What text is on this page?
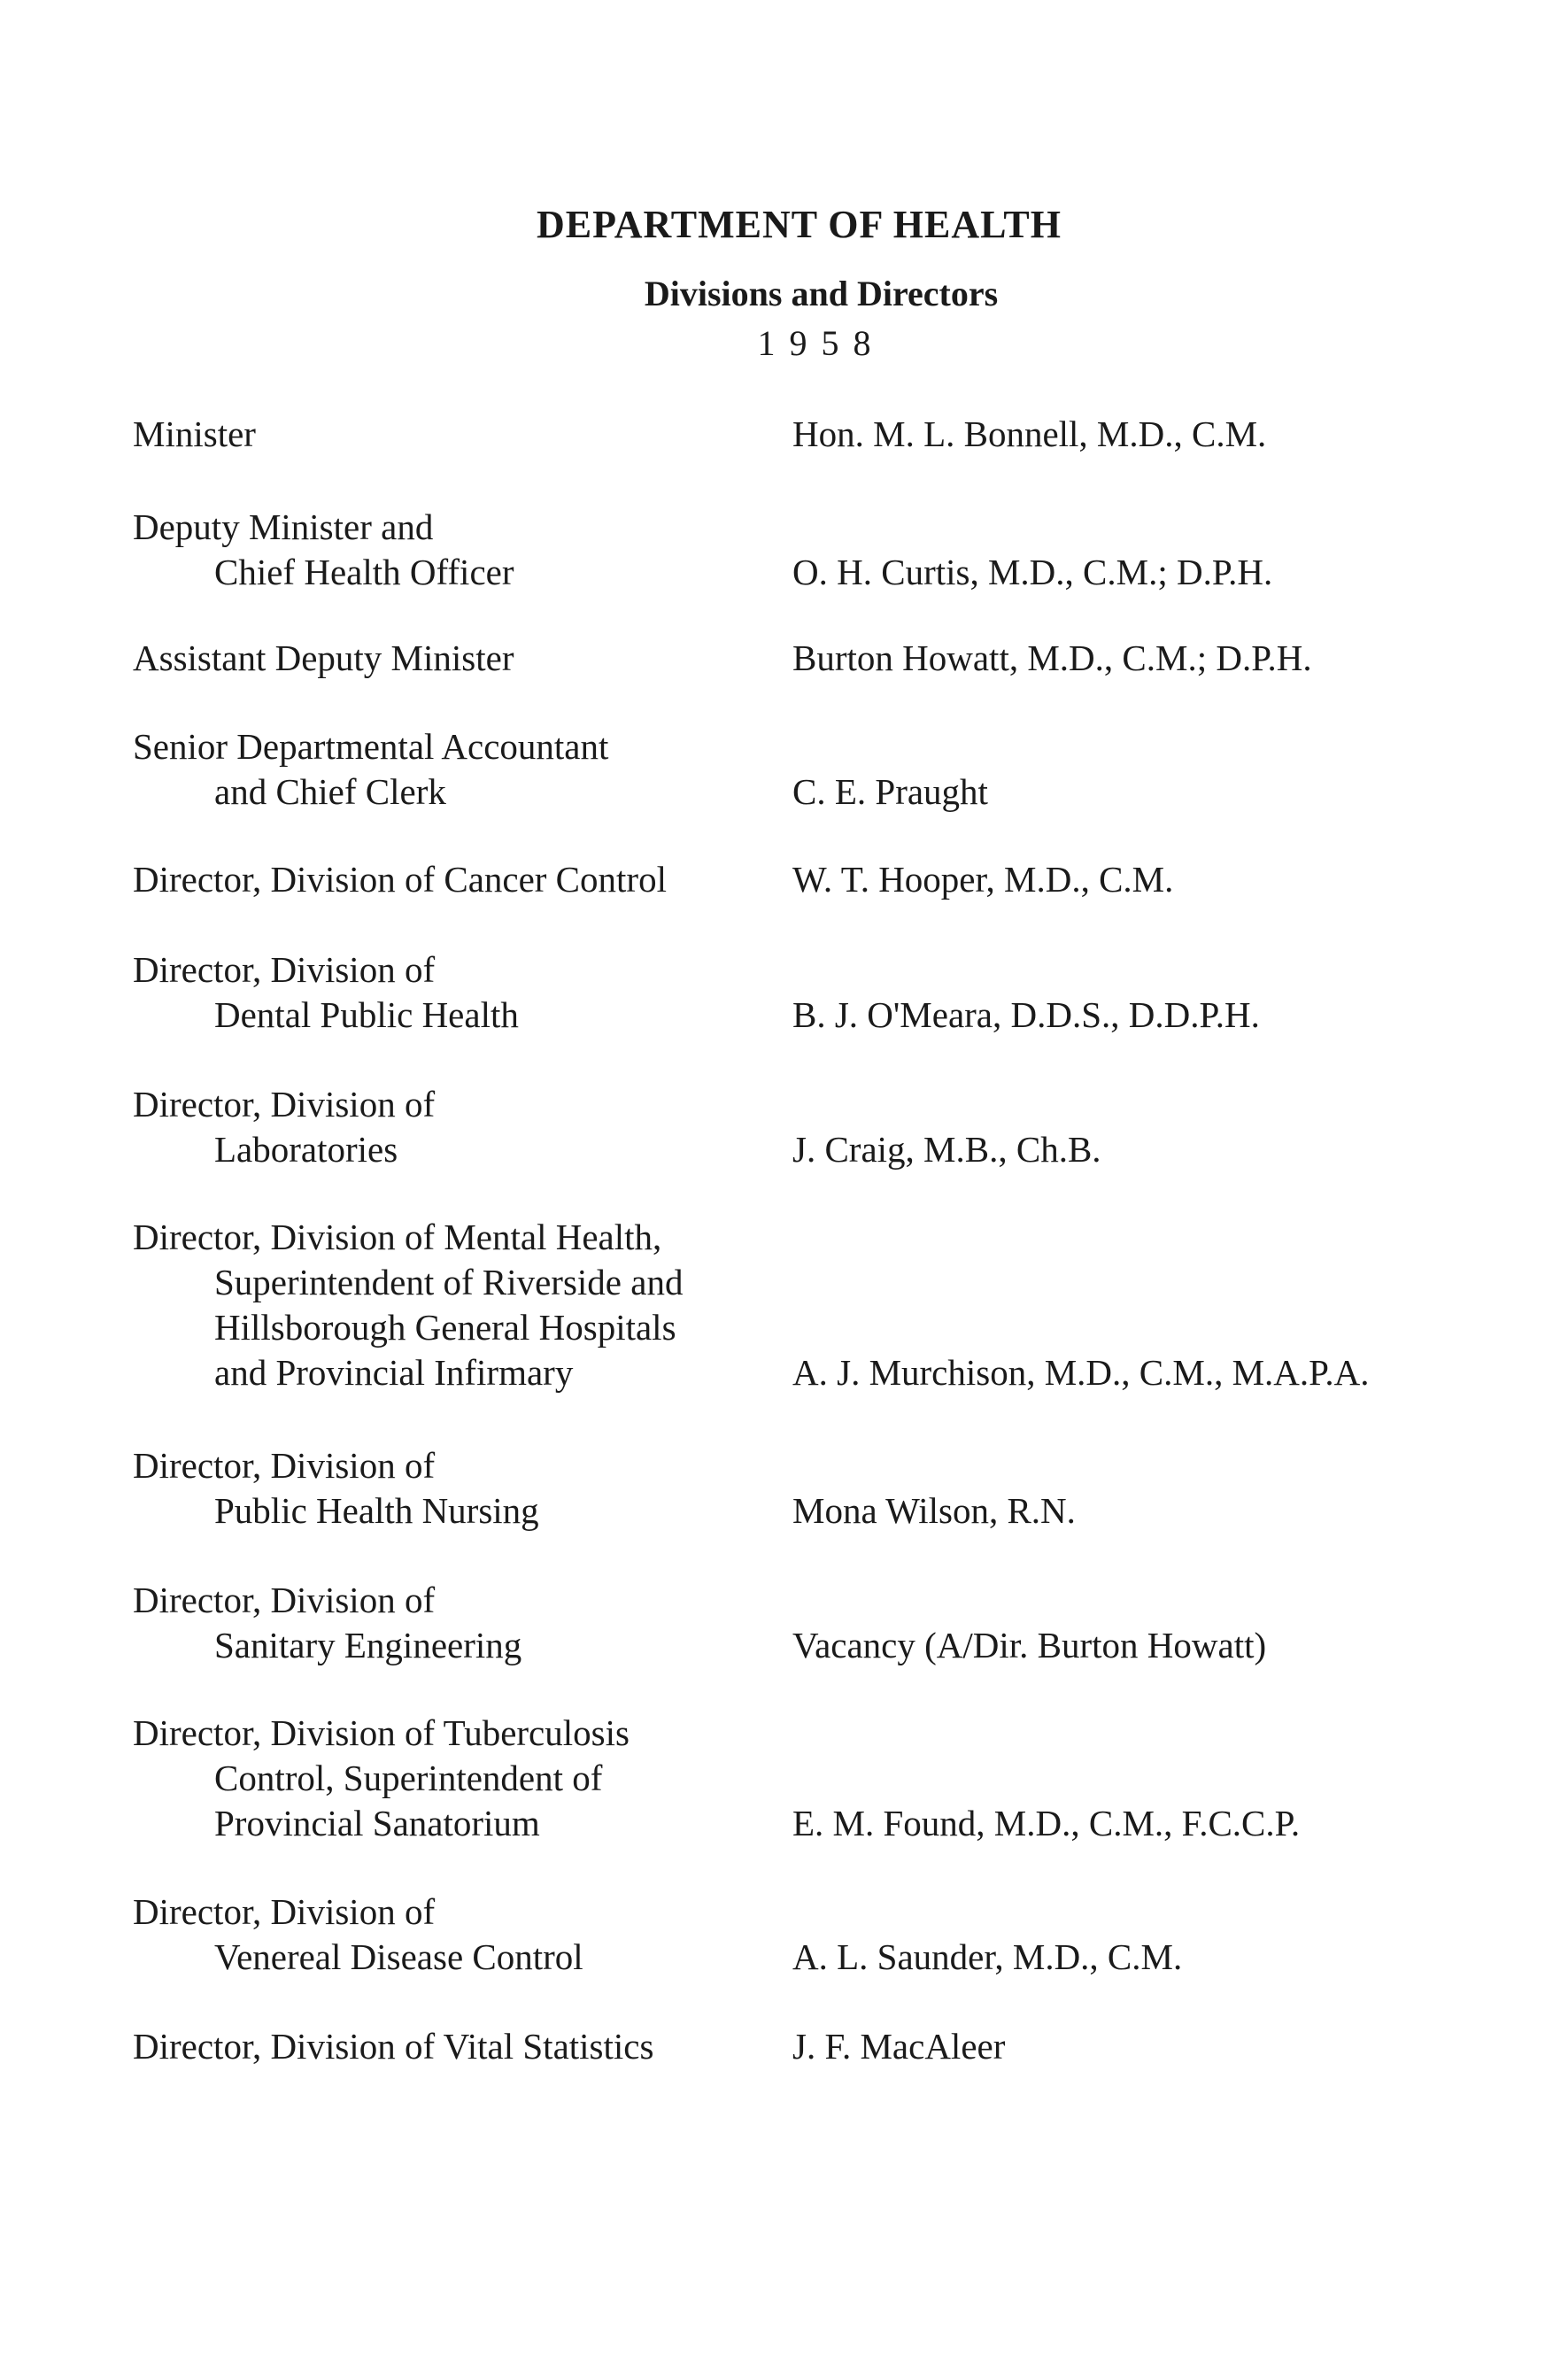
DEPARTMENT OF HEALTH
Divisions and Directors
1958
Minister	Hon. M. L. Bonnell, M.D., C.M.
Deputy Minister and
Chief Health Officer	O. H. Curtis, M.D., C.M.; D.P.H.
Assistant Deputy Minister	Burton Howatt, M.D., C.M.; D.P.H.
Senior Departmental Accountant
and Chief Clerk	C. E. Praught
Director, Division of Cancer Control	W. T. Hooper, M.D., C.M.
Director, Division of
Dental Public Health	B. J. O'Meara, D.D.S., D.D.P.H.
Director, Division of
Laboratories	J. Craig, M.B., Ch.B.
Director, Division of Mental Health,
Superintendent of Riverside and
Hillsborough General Hospitals
and Provincial Infirmary	A. J. Murchison, M.D., C.M., M.A.P.A.
Director, Division of
Public Health Nursing	Mona Wilson, R.N.
Director, Division of
Sanitary Engineering	Vacancy (A/Dir. Burton Howatt)
Director, Division of Tuberculosis
Control, Superintendent of
Provincial Sanatorium	E. M. Found, M.D., C.M., F.C.C.P.
Director, Division of
Venereal Disease Control	A. L. Saunder, M.D., C.M.
Director, Division of Vital Statistics	J. F. MacAleer
